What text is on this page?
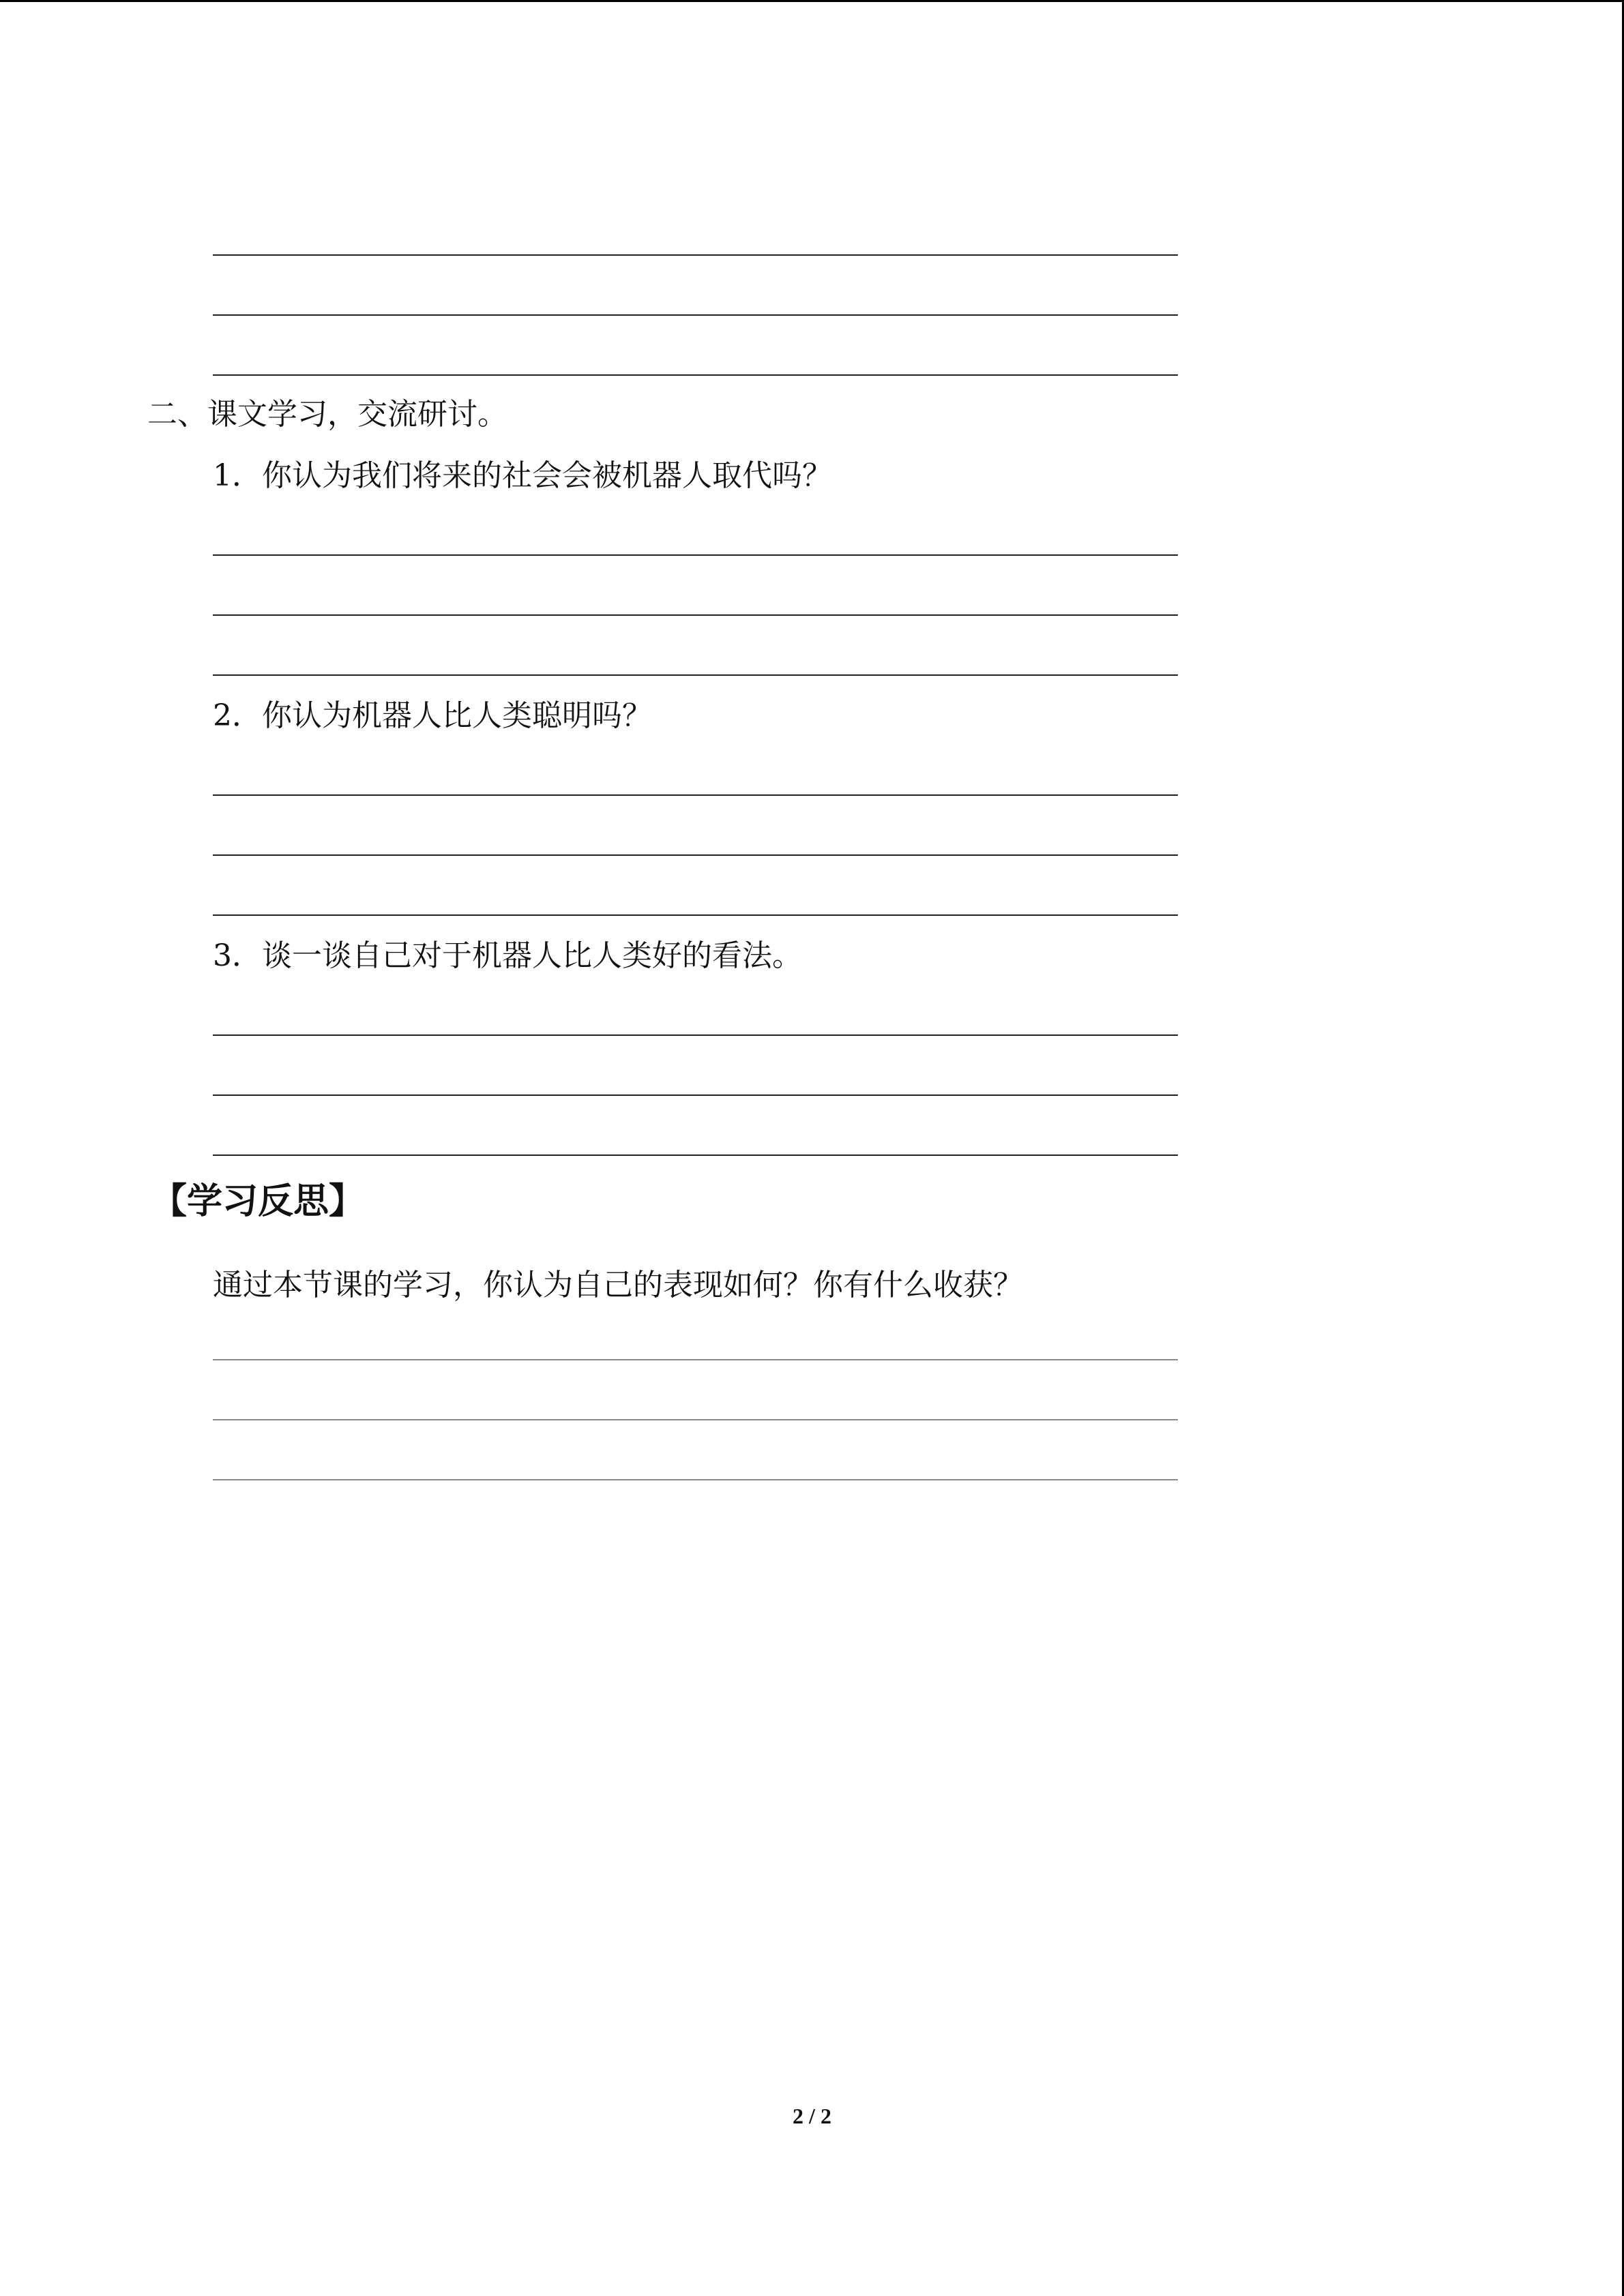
二、课文学习，交流研讨。
1．你认为我们将来的社会会被机器人取代吗？
2．你认为机器人比人类聪明吗？
3．谈一谈自己对于机器人比人类好的看法。
【学习反思】
通过本节课的学习，你认为自己的表现如何？你有什么收获？
2 / 2
